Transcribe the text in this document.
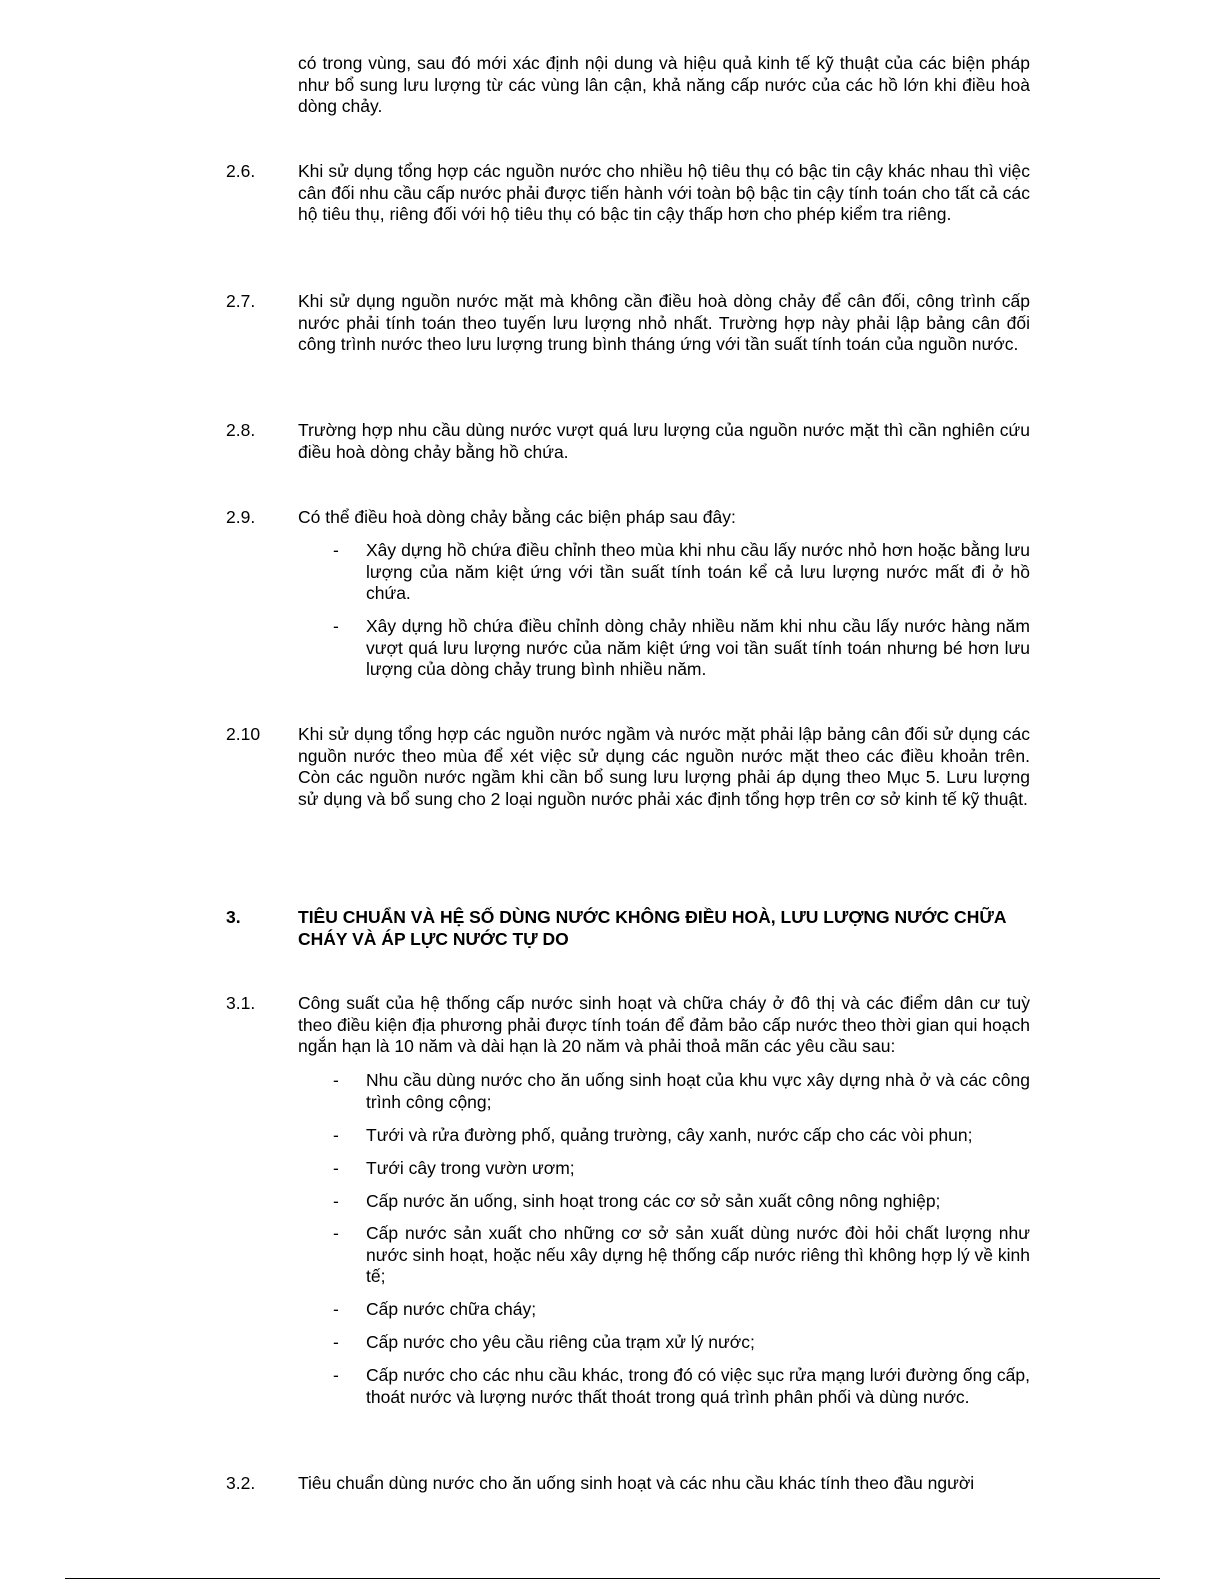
có trong vùng, sau đó mới xác định nội dung và hiệu quả kinh tế kỹ thuật của các biện pháp như bổ sung lưu lượng từ các vùng lân cận, khả năng cấp nước của các hồ lớn khi điều hoà dòng chảy.
2.6. Khi sử dụng tổng hợp các nguồn nước cho nhiều hộ tiêu thụ có bậc tin cậy khác nhau thì việc cân đối nhu cầu cấp nước phải được tiến hành với toàn bộ bậc tin cậy tính toán cho tất cả các hộ tiêu thụ, riêng đối với hộ tiêu thụ có bậc tin cậy thấp hơn cho phép kiểm tra riêng.
2.7. Khi sử dụng nguồn nước mặt mà không cần điều hoà dòng chảy để cân đối, công trình cấp nước phải tính toán theo tuyến lưu lượng nhỏ nhất. Trường hợp này phải lập bảng cân đối công trình nước theo lưu lượng trung bình tháng ứng với tần suất tính toán của nguồn nước.
2.8. Trường hợp nhu cầu dùng nước vượt quá lưu lượng của nguồn nước mặt thì cần nghiên cứu điều hoà dòng chảy bằng hồ chứa.
2.9. Có thể điều hoà dòng chảy bằng các biện pháp sau đây:
- Xây dựng hồ chứa điều chỉnh theo mùa khi nhu cầu lấy nước nhỏ hơn hoặc bằng lưu lượng của năm kiệt ứng với tần suất tính toán kể cả lưu lượng nước mất đi ở hồ chứa.
- Xây dựng hồ chứa điều chỉnh dòng chảy nhiều năm khi nhu cầu lấy nước hàng năm vượt quá lưu lượng nước của năm kiệt ứng voi tần suất tính toán nhưng bé hơn lưu lượng của dòng chảy trung bình nhiều năm.
2.10 Khi sử dụng tổng hợp các nguồn nước ngầm và nước mặt phải lập bảng cân đối sử dụng các nguồn nước theo mùa để xét việc sử dụng các nguồn nước mặt theo các điều khoản trên. Còn các nguồn nước ngầm khi cần bổ sung lưu lượng phải áp dụng theo Mục 5. Lưu lượng sử dụng và bổ sung cho 2 loại nguồn nước phải xác định tổng hợp trên cơ sở kinh tế kỹ thuật.
3.	TIÊU CHUẨN VÀ HỆ SỐ DÙNG NƯỚC KHÔNG ĐIỀU HOÀ, LƯU LƯỢNG NƯỚC CHỮA CHÁY VÀ ÁP LỰC NƯỚC TỰ DO
3.1. Công suất của hệ thống cấp nước sinh hoạt và chữa cháy ở đô thị và các điểm dân cư tuỳ theo điều kiện địa phương phải được tính toán để đảm bảo cấp nước theo thời gian qui hoạch ngắn hạn là 10 năm và dài hạn là 20 năm và phải thoả mãn các yêu cầu sau:
- Nhu cầu dùng nước cho ăn uống sinh hoạt của khu vực xây dựng nhà ở và các công trình công cộng;
- Tưới và rửa đường phố, quảng trường, cây xanh, nước cấp cho các vòi phun;
- Tưới cây trong vườn ươm;
- Cấp nước ăn uống, sinh hoạt trong các cơ sở sản xuất công nông nghiệp;
- Cấp nước sản xuất cho những cơ sở sản xuất dùng nước đòi hỏi chất lượng như nước sinh hoạt, hoặc nếu xây dựng hệ thống cấp nước riêng thì không hợp lý về kinh tế;
- Cấp nước chữa cháy;
- Cấp nước cho yêu cầu riêng của trạm xử lý nước;
- Cấp nước cho các nhu cầu khác, trong đó có việc sục rửa mạng lưới đường ống cấp, thoát nước và lượng nước thất thoát trong quá trình phân phối và dùng nước.
3.2. Tiêu chuẩn dùng nước cho ăn uống sinh hoạt và các nhu cầu khác tính theo đầu người
